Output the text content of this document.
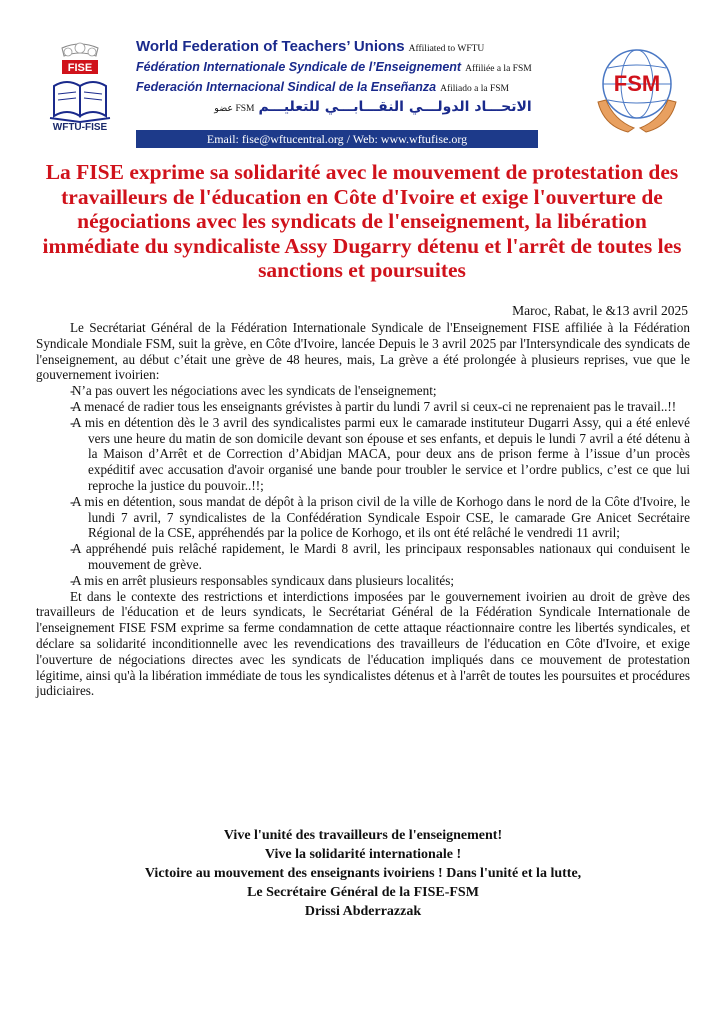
FISE
WFTU-FISE
World Federation of Teachers’ Unions Affiliated to WFTU
Fédération Internationale Syndicale de l’Enseignement Affiliée a la FSM
Federación Internacional Sindical de la Enseñanza Afiliado a la FSM
عضو FSM الاتحـــاد الدولـــي النقـــابـــي للتعليـــم
Email: fise@wftucentral.org / Web: www.wftufise.org
FSM
La FISE exprime sa solidarité avec le mouvement de protestation des travailleurs de l'éducation en Côte d'Ivoire et exige l'ouverture de négociations avec les syndicats de l'enseignement, la libération immédiate du syndicaliste Assy Dugarry détenu et l'arrêt de toutes les sanctions et poursuites
Maroc, Rabat, le &13 avril 2025

Le Secrétariat Général de la Fédération Internationale Syndicale de l'Enseignement FISE affiliée à la Fédération Syndicale Mondiale FSM, suit la grève, en Côte d'Ivoire, lancée Depuis le 3 avril 2025 par l'Intersyndicale des syndicats de l'enseignement, au début c’était une grève de 48 heures, mais, La grève a été prolongée à plusieurs reprises, vue que le gouvernement ivoirien:

- N’a pas ouvert les négociations avec les syndicats de l'enseignement;
- A menacé de radier tous les enseignants grévistes à partir du lundi 7 avril si ceux-ci ne reprenaient pas le travail..!!
- A mis en détention dès le 3 avril des syndicalistes parmi eux le camarade instituteur Dugarri Assy, qui a été enlevé vers une heure du matin de son domicile devant son épouse et ses enfants, et depuis le lundi 7 avril a été détenu à la Maison d’Arrêt et de Correction d’Abidjan MACA, pour deux ans de prison ferme à l’issue d’un procès expéditif avec accusation d'avoir organisé une bande pour troubler le service et l’ordre publics, c’est ce que lui reproche la justice du pouvoir..!!;
- A mis en détention, sous mandat de dépôt à la prison civil de la ville de Korhogo dans le nord de la Côte d'Ivoire, le lundi 7 avril, 7 syndicalistes de la Confédération Syndicale Espoir CSE, le camarade Gre Anicet Secrétaire Régional de la CSE, appréhendés par la police de Korhogo, et ils ont été relâché le vendredi 11 avril;
- A appréhendé puis relâché rapidement, le Mardi 8 avril, les principaux responsables nationaux qui conduisent le mouvement de grève.
- A mis en arrêt plusieurs responsables syndicaux dans plusieurs localités;

Et dans le contexte des restrictions et interdictions imposées par le gouvernement ivoirien au droit de grève des travailleurs de l'éducation et de leurs syndicats, le Secrétariat Général de la Fédération Syndicale Internationale de l'enseignement FISE FSM exprime sa ferme condamnation de cette attaque réactionnaire contre les libertés syndicales, et déclare sa solidarité inconditionnelle avec les revendications des travailleurs de l'éducation en Côte d'Ivoire, et exige l'ouverture de négociations directes avec les syndicats de l'éducation impliqués dans ce mouvement de protestation légitime, ainsi qu'à la libération immédiate de tous les syndicalistes détenus et à l'arrêt de toutes les poursuites et procédures judiciaires.

Vive l'unité des travailleurs de l'enseignement!
Vive la solidarité internationale !
Victoire au mouvement des enseignants ivoiriens ! Dans l'unité et la lutte,
Le Secrétaire Général de la FISE-FSM
Drissi Abderrazzak
